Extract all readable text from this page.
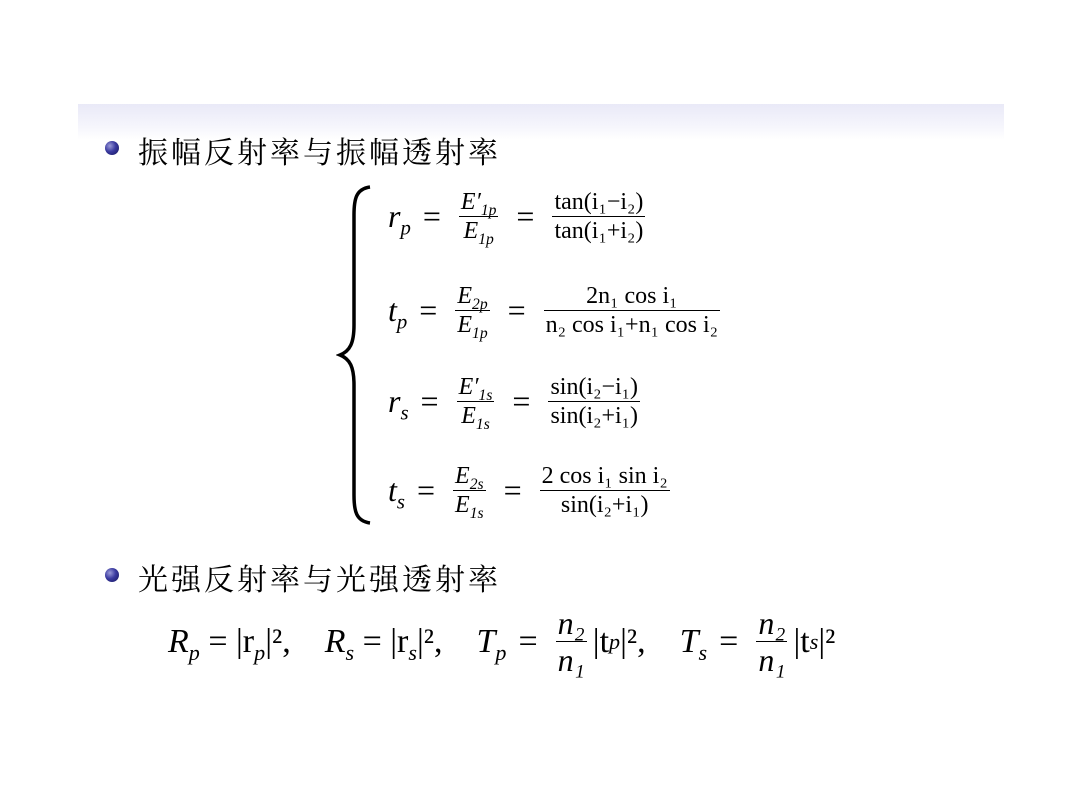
振幅反射率与振幅透射率
$r_p = \frac{E'_{1p}}{E_{1p}} = \frac{\text{tan(i₁−i₂)}}{\text{tan(i₁+i₂)}}$
$t_p = \frac{E_{2p}}{E_{1p}} = \frac{\text{2n₁ cos i₁}}{\text{n₂ cos i₁+n₁ cos i₂}}$
$r_s = \frac{E'_{1s}}{E_{1s}} = \frac{\text{sin(i₂−i₁)}}{\text{sin(i₂+i₁)}}$
$t_s = \frac{E_{2s}}{E_{1s}} = \frac{\text{2 cos i₁ sin i₂}}{\text{sin(i₂+i₁)}}$
光强反射率与光强透射率
$R_p = |r_p|^2$, $R_s = |r_s|^2$, $T_p = \frac{\text{n₂}}{\text{n₁}} |t$ p |², $T_s = \frac{\text{n₂}}{\text{n₁}} |t$ s |²
